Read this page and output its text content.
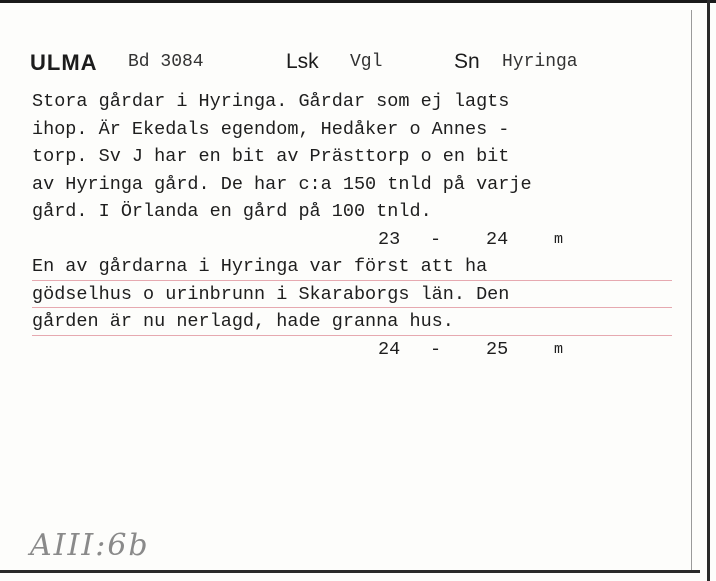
ULMA Bd 3084	Lsk Vgl	Sn Hyringa
Stora gårdar i Hyringa. Gårdar som ej lagts
ihop. Är Ekedals egendom, Hedåker o Annes -
torp. Sv J har en bit av Prästtorp o en bit
av Hyringa gård. De har c:a 150 tnld på varje
gård. I Örlanda en gård på 100 tnld.
23 - 24	m
En av gårdarna i Hyringa var först att ha
gödselhus o urinbrunn i Skaraborgs län. Den
gården är nu nerlagd, hade granna hus.
24 - 25	m
AIII:6b
